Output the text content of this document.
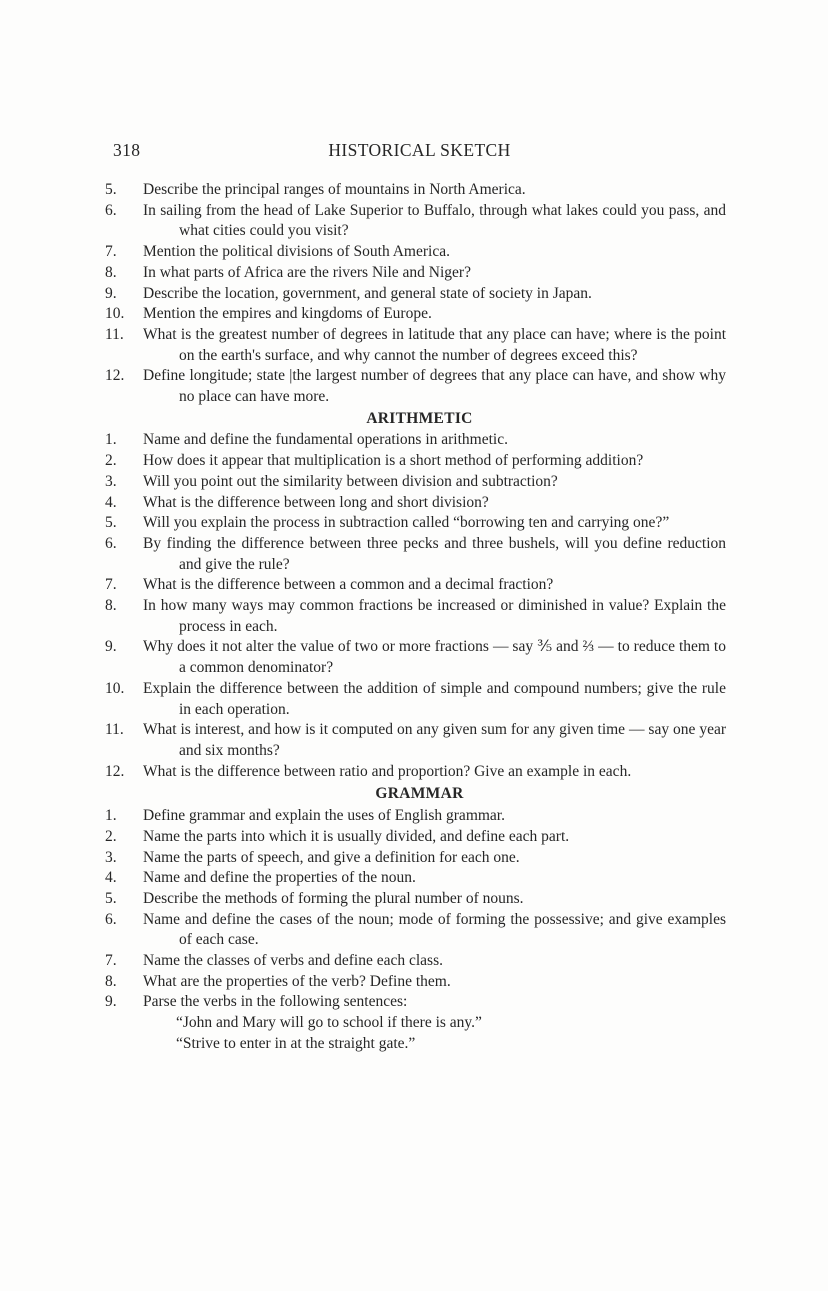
318	HISTORICAL SKETCH
5.	Describe the principal ranges of mountains in North America.
6.	In sailing from the head of Lake Superior to Buffalo, through what lakes could you pass, and what cities could you visit?
7.	Mention the political divisions of South America.
8.	In what parts of Africa are the rivers Nile and Niger?
9.	Describe the location, government, and general state of society in Japan.
10.	Mention the empires and kingdoms of Europe.
11.	What is the greatest number of degrees in latitude that any place can have; where is the point on the earth's surface, and why cannot the number of degrees exceed this?
12.	Define longitude; state |the largest number of degrees that any place can have, and show why no place can have more.
ARITHMETIC
1.	Name and define the fundamental operations in arithmetic.
2.	How does it appear that multiplication is a short method of performing addition?
3.	Will you point out the similarity between division and subtraction?
4.	What is the difference between long and short division?
5.	Will you explain the process in subtraction called “borrowing ten and carrying one?”
6.	By finding the difference between three pecks and three bushels, will you define reduction and give the rule?
7.	What is the difference between a common and a decimal fraction?
8.	In how many ways may common fractions be increased or diminished in value? Explain the process in each.
9.	Why does it not alter the value of two or more fractions — say ⅗ and ⅔ — to reduce them to a common denominator?
10.	Explain the difference between the addition of simple and compound numbers; give the rule in each operation.
11.	What is interest, and how is it computed on any given sum for any given time — say one year and six months?
12.	What is the difference between ratio and proportion? Give an example in each.
GRAMMAR
1.	Define grammar and explain the uses of English grammar.
2.	Name the parts into which it is usually divided, and define each part.
3.	Name the parts of speech, and give a definition for each one.
4.	Name and define the properties of the noun.
5.	Describe the methods of forming the plural number of nouns.
6.	Name and define the cases of the noun; mode of forming the possessive; and give examples of each case.
7.	Name the classes of verbs and define each class.
8.	What are the properties of the verb? Define them.
9.	Parse the verbs in the following sentences:
“John and Mary will go to school if there is any.”
“Strive to enter in at the straight gate.”
